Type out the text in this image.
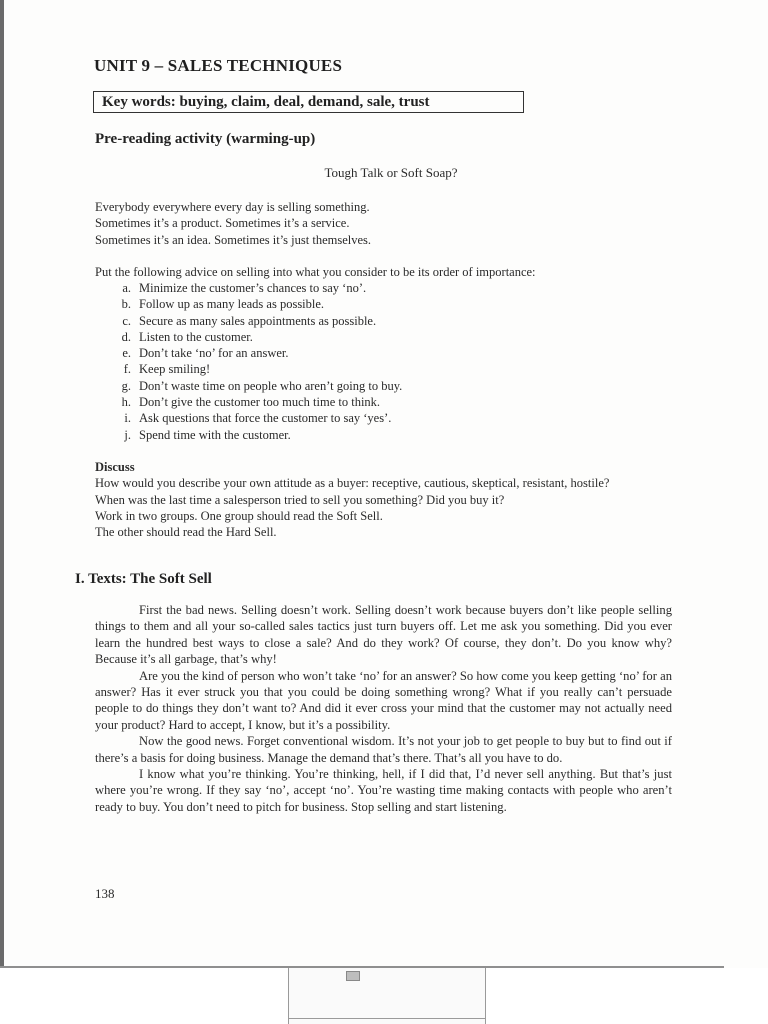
UNIT 9 – SALES TECHNIQUES
Key words: buying, claim, deal, demand, sale, trust
Pre-reading activity (warming-up)
Tough Talk or Soft Soap?
Everybody everywhere every day is selling something.
Sometimes it’s a product. Sometimes it’s a service.
Sometimes it’s an idea. Sometimes it’s just themselves.
Put the following advice on selling into what you consider to be its order of importance:
a. Minimize the customer’s chances to say ‘no’.
b. Follow up as many leads as possible.
c. Secure as many sales appointments as possible.
d. Listen to the customer.
e. Don’t take ‘no’ for an answer.
f. Keep smiling!
g. Don’t waste time on people who aren’t going to buy.
h. Don’t give the customer too much time to think.
i. Ask questions that force the customer to say ‘yes’.
j. Spend time with the customer.
Discuss
How would you describe your own attitude as a buyer: receptive, cautious, skeptical, resistant, hostile?
When was the last time a salesperson tried to sell you something? Did you buy it?
Work in two groups. One group should read the Soft Sell.
The other should read the Hard Sell.
I. Texts: The Soft Sell

First the bad news. Selling doesn’t work. Selling doesn’t work because buyers don’t like people selling things to them and all your so-called sales tactics just turn buyers off. Let me ask you something. Did you ever learn the hundred best ways to close a sale? And do they work? Of course, they don’t. Do you know why? Because it’s all garbage, that’s why!

Are you the kind of person who won’t take ‘no’ for an answer? So how come you keep getting ‘no’ for an answer? Has it ever struck you that you could be doing something wrong? What if you really can’t persuade people to do things they don’t want to? And did it ever cross your mind that the customer may not actually need your product? Hard to accept, I know, but it’s a possibility.

Now the good news. Forget conventional wisdom. It’s not your job to get people to buy but to find out if there’s a basis for doing business. Manage the demand that’s there. That’s all you have to do.

I know what you’re thinking. You’re thinking, hell, if I did that, I’d never sell anything. But that’s just where you’re wrong. If they say ‘no’, accept ‘no’. You’re wasting time making contacts with people who aren’t ready to buy. You don’t need to pitch for business. Stop selling and start listening.

138
